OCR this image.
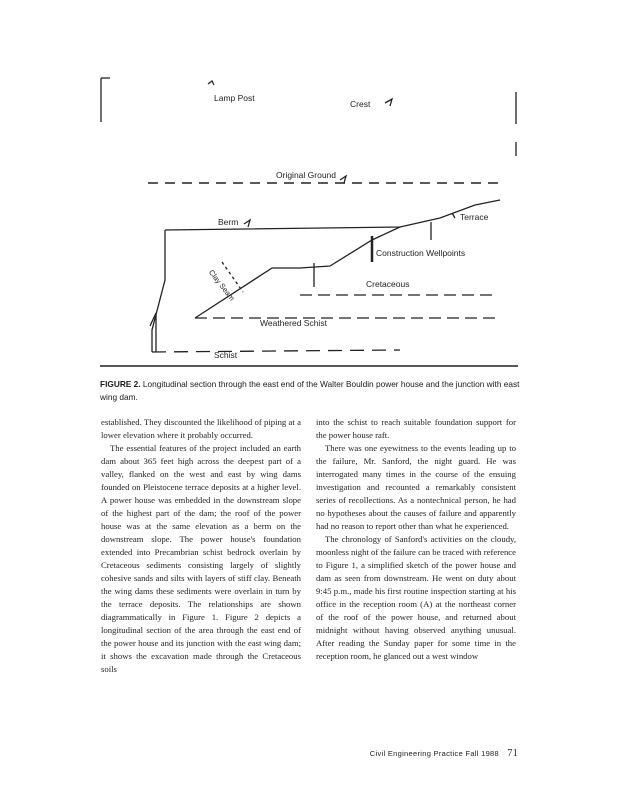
Lamp Post
Crest
Original Ground
Berm	Terrace
Construction Wellpoints
Cretaceous
Weathered Schist
Schist
Clay Seam
FIGURE 2. Longitudinal section through the east end of the Walter Bouldin power house and the junction with east wing dam.

established. They discounted the likelihood of piping at a lower elevation where it probably occurred.

The essential features of the project included an earth dam about 365 feet high across the deepest part of a valley, flanked on the west and east by wing dams founded on Pleistocene terrace deposits at a higher level. A power house was embedded in the downstream slope of the highest part of the dam; the roof of the power house was at the same elevation as a berm on the downstream slope. The power house's foundation extended into Precambrian schist bedrock overlain by Cretaceous sediments consisting largely of slightly cohesive sands and silts with layers of stiff clay. Beneath the wing dams these sediments were overlain in turn by the terrace deposits. The relationships are shown diagrammatically in Figure 1. Figure 2 depicts a longitudinal section of the area through the east end of the power house and its junction with the east wing dam; it shows the excavation made through the Cretaceous soils

into the schist to reach suitable foundation support for the power house raft.

There was one eyewitness to the events leading up to the failure, Mr. Sanford, the night guard. He was interrogated many times in the course of the ensuing investigation and recounted a remarkably consistent series of recollections. As a nontechnical person, he had no hypotheses about the causes of failure and apparently had no reason to report other than what he experienced.

The chronology of Sanford's activities on the cloudy, moonless night of the failure can be traced with reference to Figure 1, a simplified sketch of the power house and dam as seen from downstream. He went on duty about 9:45 p.m., made his first routine inspection starting at his office in the reception room (A) at the northeast corner of the roof of the power house, and returned about midnight without having observed anything unusual. After reading the Sunday paper for some time in the reception room, he glanced out a west window

Civil Engineering Practice Fall 1988 71
